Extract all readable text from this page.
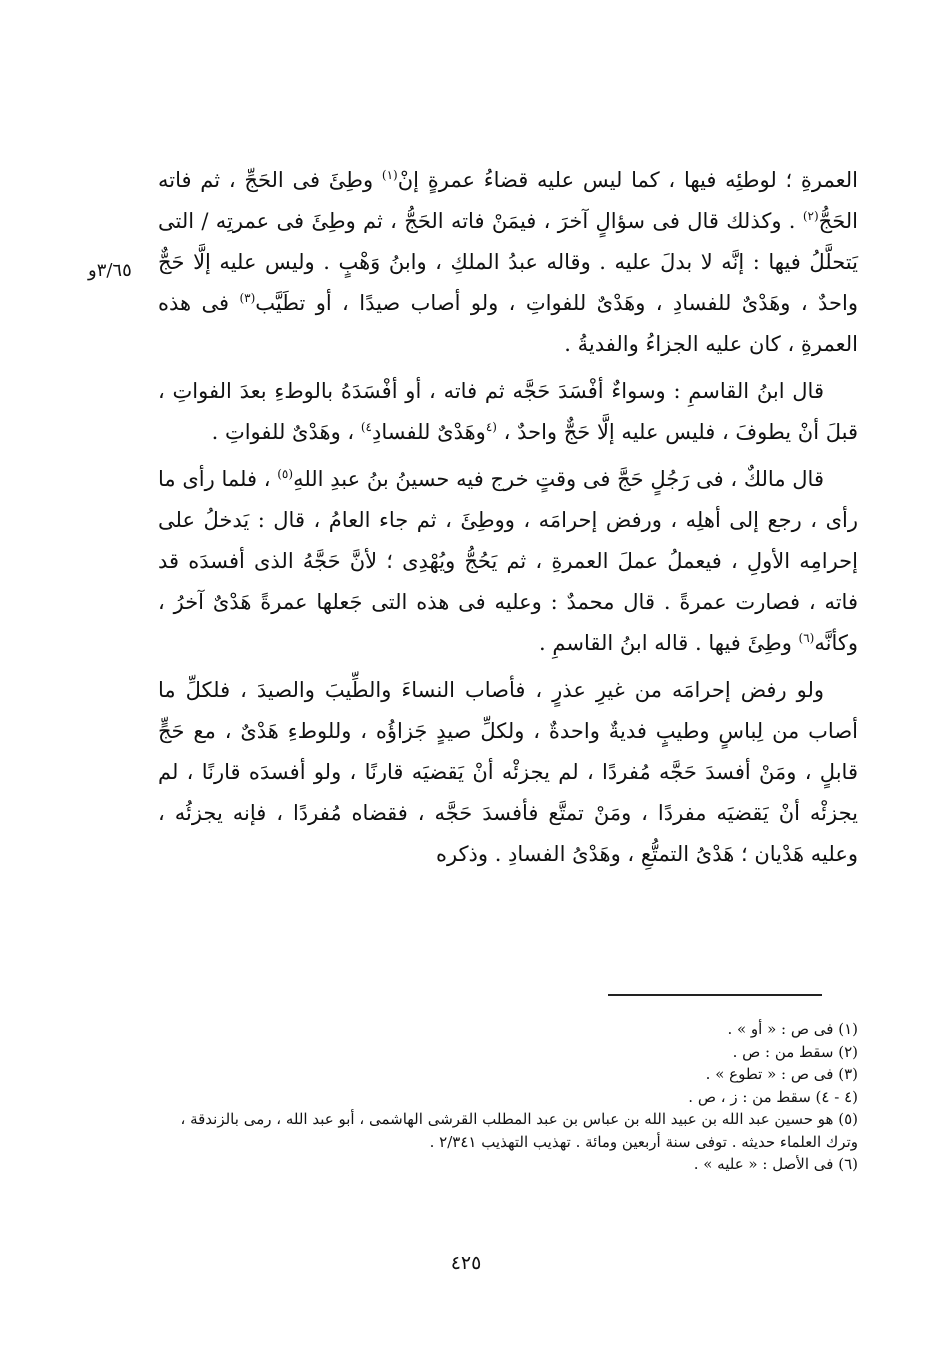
٣/٦٥و

العمرةِ ؛ لوطئِه فيها ، كما ليس عليه قضاءُ عمرةٍ إنْ$^{(١)}$ وطِئَ فى الحَجِّ ، ثم فاته الحَجُّ$^{(٢)}$ . وكذلك قال فى سؤالٍ آخرَ ، فيمَنْ فاته الحَجُّ ، ثم وطِئَ فى عمرتِه / التى يَتحلَّلُ فيها : إنَّه لا بدلَ عليه . وقاله عبدُ الملكِ ، وابنُ وَهْبٍ . وليس عليه إلَّا حَجٌّ واحدٌ ، وهَدْىٌ للفسادِ ، وهَدْىٌ للفواتِ ، ولو أصاب صيدًا ، أو تطَيَّب$^{(٣)}$ فى هذه العمرةِ ، كان عليه الجزاءُ والفديةُ .

قال ابنُ القاسمِ : وسواءٌ أفْسَدَ حَجَّه ثم فاته ، أو أفْسَدَهُ بالوطءِ بعدَ الفواتِ ، قبلَ أنْ يطوفَ ، فليس عليه إلَّا حَجٌّ واحدٌ ، $^{(٤}$وهَدْىٌ للفسادِ$^{٤)}$ ، وهَدْىٌ للفواتِ .

قال مالكٌ ، فى رَجُلٍ حَجَّ فى وقتٍ خرج فيه حسينُ بنُ عبدِ اللهِ$^{(٥)}$ ، فلما رأى ما رأى ، رجع إلى أهلِه ، ورفض إحرامَه ، ووطِئَ ، ثم جاء العامُ ، قال : يَدخلُ على إحرامِه الأولِ ، فيعملُ عملَ العمرةِ ، ثم يَحُجُّ ويُهْدِى ؛ لأنَّ حَجَّهُ الذى أفسدَه قد فاته ، فصارت عمرةً . قال محمدٌ : وعليه فى هذه التى جَعلها عمرةً هَدْىٌ آخرُ ، وكأنَّه$^{(٦)}$ وطِئَ فيها . قاله ابنُ القاسمِ .

ولو رفض إحرامَه من غيرِ عذرٍ ، فأصاب النساءَ والطِّيبَ والصيدَ ، فلكلِّ ما أصاب من لِباسٍ وطيبٍ فديةٌ واحدةٌ ، ولكلِّ صيدٍ جَزاؤُه ، وللوطءِ هَدْىٌ ، مع حَجٍّ قابلٍ ، ومَنْ أفسدَ حَجَّه مُفردًا ، لم يجزئْه أنْ يَقضيَه قارنًا ، ولو أفسدَه قارنًا ، لم يجزئْه أنْ يَقضيَه مفردًا ، ومَنْ تمتَّع فأفسدَ حَجَّه ، فقضاه مُفردًا ، فإنه يجزئُه ، وعليه هَدْيان ؛ هَدْىُ التمتُّعِ ، وهَدْىُ الفسادِ . وذكره

(١) فى ص : « أو » .
(٢) سقط من : ص .
(٣) فى ص : « تطوع » .
(٤ - ٤) سقط من : ز ، ص .
(٥) هو حسين عبد الله بن عبيد الله بن عباس بن عبد المطلب القرشى الهاشمى ، أبو عبد الله ، رمى بالزندقة ، وترك العلماء حديثه . توفى سنة أربعين ومائة . تهذيب التهذيب ٢/٣٤١ .
(٦) فى الأصل : « عليه » .
٤٢٥
